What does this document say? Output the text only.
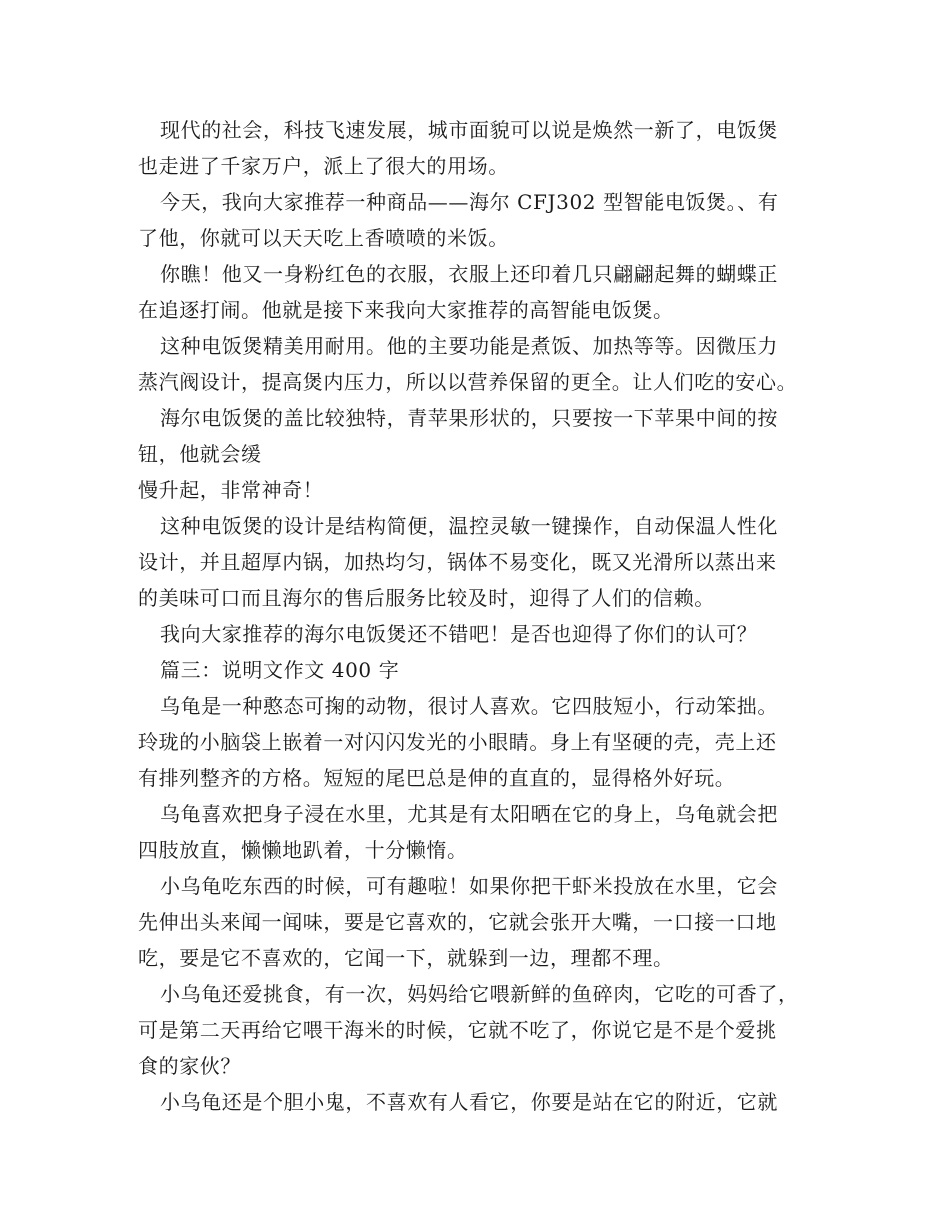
现代的社会，科技飞速发展，城市面貌可以说是焕然一新了，电饭煲
也走进了千家万户，派上了很大的用场。
今天，我向大家推荐一种商品——海尔 CFJ302 型智能电饭煲。、有
了他，你就可以天天吃上香喷喷的米饭。
你瞧！他又一身粉红色的衣服，衣服上还印着几只翩翩起舞的蝴蝶正
在追逐打闹。他就是接下来我向大家推荐的高智能电饭煲。
这种电饭煲精美用耐用。他的主要功能是煮饭、加热等等。因微压力
蒸汽阀设计，提高煲内压力，所以以营养保留的更全。让人们吃的安心。
海尔电饭煲的盖比较独特，青苹果形状的，只要按一下苹果中间的按
钮，他就会缓
慢升起，非常神奇！
这种电饭煲的设计是结构简便，温控灵敏一键操作，自动保温人性化
设计，并且超厚内锅，加热均匀，锅体不易变化，既又光滑所以蒸出来
的美味可口而且海尔的售后服务比较及时，迎得了人们的信赖。
我向大家推荐的海尔电饭煲还不错吧！是否也迎得了你们的认可？
篇三：说明文作文 400 字
乌龟是一种憨态可掬的动物，很讨人喜欢。它四肢短小，行动笨拙。
玲珑的小脑袋上嵌着一对闪闪发光的小眼睛。身上有坚硬的壳，壳上还
有排列整齐的方格。短短的尾巴总是伸的直直的，显得格外好玩。
乌龟喜欢把身子浸在水里，尤其是有太阳晒在它的身上，乌龟就会把
四肢放直，懒懒地趴着，十分懒惰。
小乌龟吃东西的时候，可有趣啦！如果你把干虾米投放在水里，它会
先伸出头来闻一闻味，要是它喜欢的，它就会张开大嘴，一口接一口地
吃，要是它不喜欢的，它闻一下，就躲到一边，理都不理。
小乌龟还爱挑食，有一次，妈妈给它喂新鲜的鱼碎肉，它吃的可香了，
可是第二天再给它喂干海米的时候，它就不吃了，你说它是不是个爱挑
食的家伙？
小乌龟还是个胆小鬼，不喜欢有人看它，你要是站在它的附近，它就
